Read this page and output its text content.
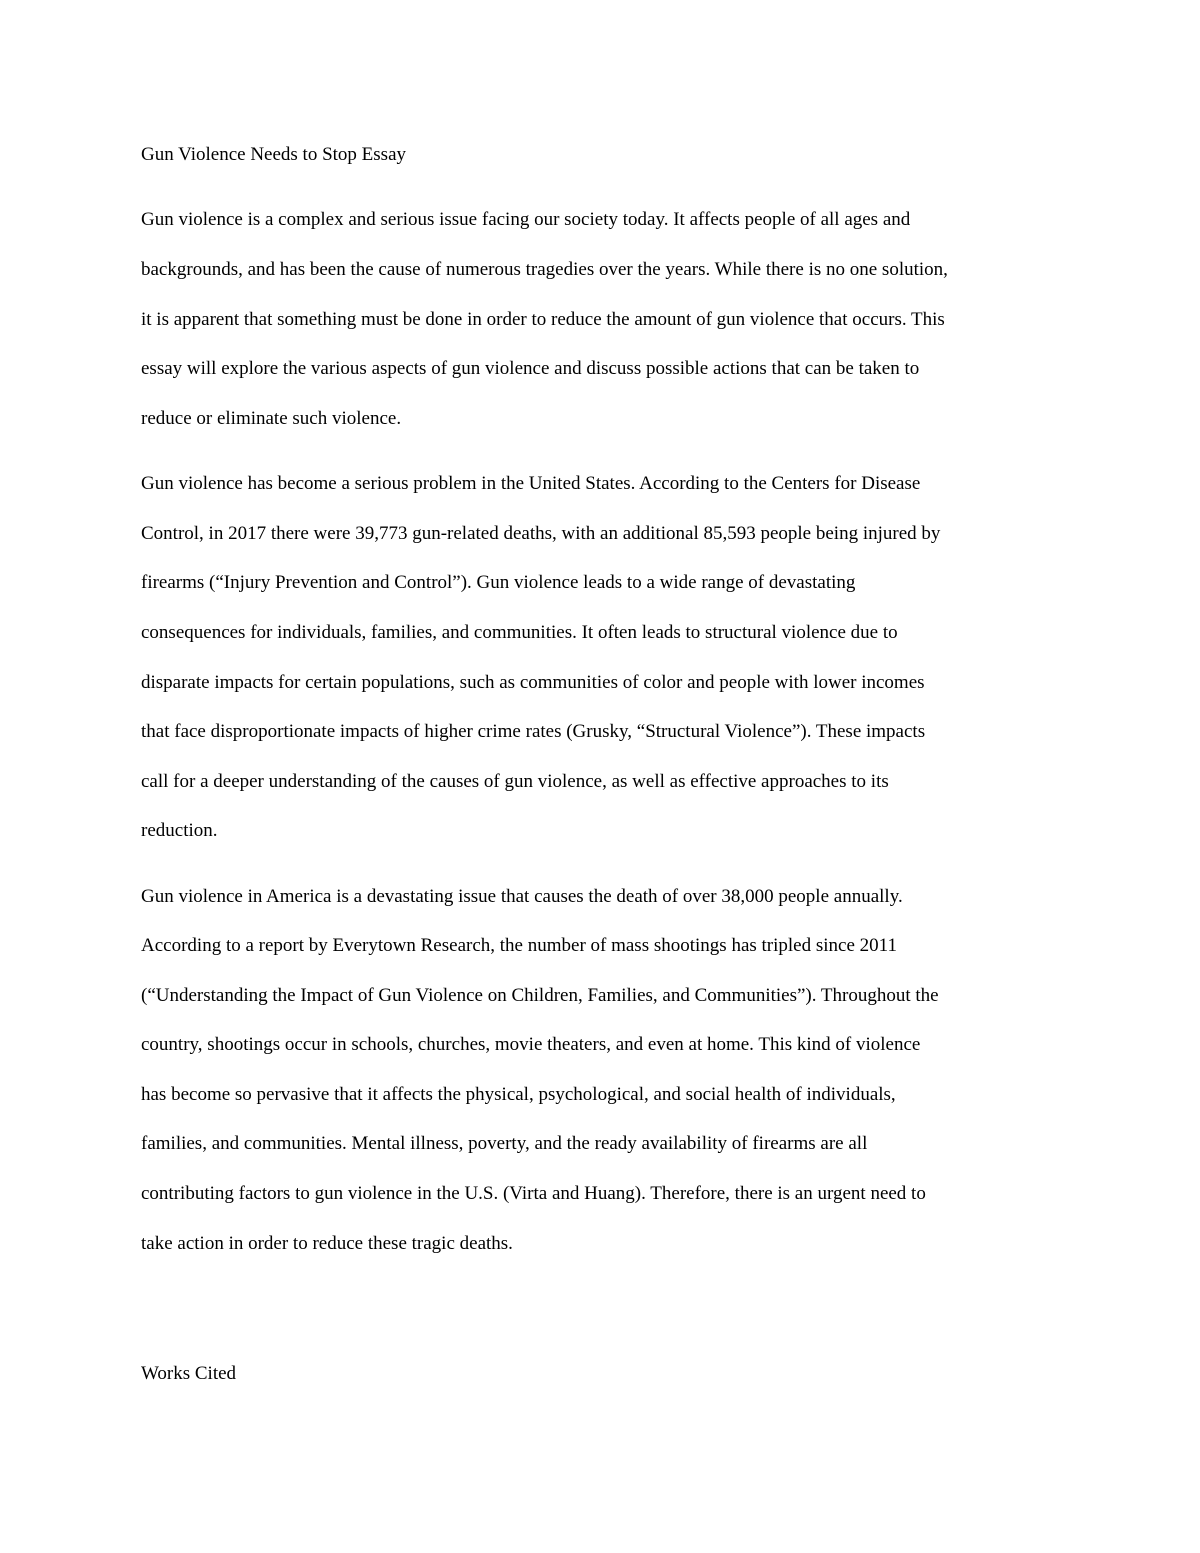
Gun Violence Needs to Stop Essay

Gun violence is a complex and serious issue facing our society today. It affects people of all ages and

backgrounds, and has been the cause of numerous tragedies over the years. While there is no one solution,

it is apparent that something must be done in order to reduce the amount of gun violence that occurs. This

essay will explore the various aspects of gun violence and discuss possible actions that can be taken to

reduce or eliminate such violence.

Gun violence has become a serious problem in the United States. According to the Centers for Disease

Control, in 2017 there were 39,773 gun-related deaths, with an additional 85,593 people being injured by

firearms (“Injury Prevention and Control”). Gun violence leads to a wide range of devastating

consequences for individuals, families, and communities. It often leads to structural violence due to

disparate impacts for certain populations, such as communities of color and people with lower incomes

that face disproportionate impacts of higher crime rates (Grusky, “Structural Violence”). These impacts

call for a deeper understanding of the causes of gun violence, as well as effective approaches to its

reduction.

Gun violence in America is a devastating issue that causes the death of over 38,000 people annually.

According to a report by Everytown Research, the number of mass shootings has tripled since 2011

(“Understanding the Impact of Gun Violence on Children, Families, and Communities”). Throughout the

country, shootings occur in schools, churches, movie theaters, and even at home. This kind of violence

has become so pervasive that it affects the physical, psychological, and social health of individuals,

families, and communities. Mental illness, poverty, and the ready availability of firearms are all

contributing factors to gun violence in the U.S. (Virta and Huang). Therefore, there is an urgent need to

take action in order to reduce these tragic deaths.

Works Cited
